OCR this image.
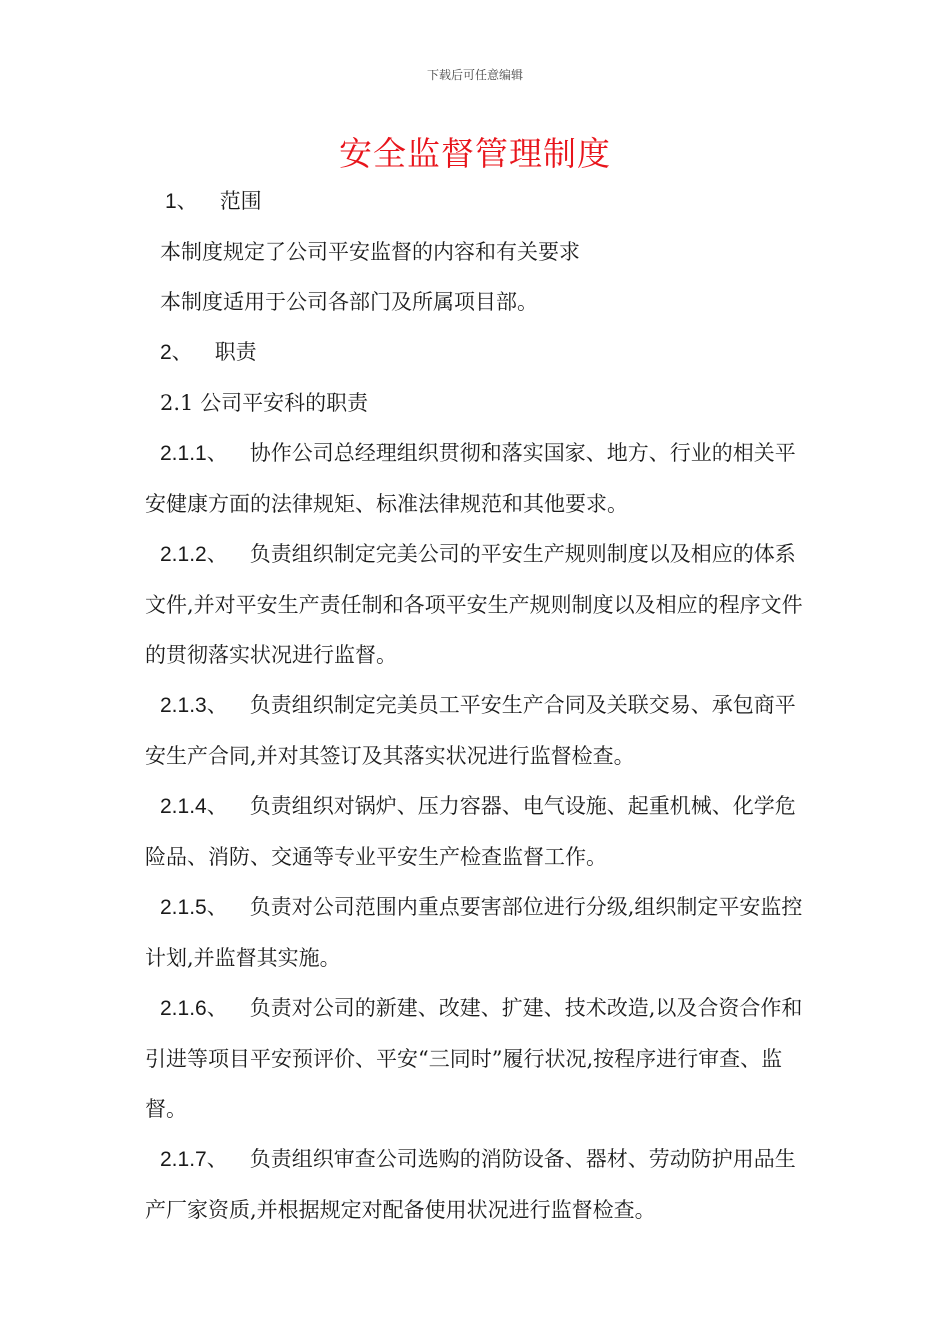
下载后可任意编辑
安全监督管理制度

1、 范围

本制度规定了公司平安监督的内容和有关要求

本制度适用于公司各部门及所属项目部。

2、 职责

2.1 公司平安科的职责

2.1.1、 协作公司总经理组织贯彻和落实国家、地方、行业的相关平安健康方面的法律规矩、标准法律规范和其他要求。

2.1.2、 负责组织制定完美公司的平安生产规则制度以及相应的体系文件,并对平安生产责任制和各项平安生产规则制度以及相应的程序文件的贯彻落实状况进行监督。

2.1.3、 负责组织制定完美员工平安生产合同及关联交易、承包商平安生产合同,并对其签订及其落实状况进行监督检查。

2.1.4、 负责组织对锅炉、压力容器、电气设施、起重机械、化学危险品、消防、交通等专业平安生产检查监督工作。

2.1.5、 负责对公司范围内重点要害部位进行分级,组织制定平安监控计划,并监督其实施。

2.1.6、 负责对公司的新建、改建、扩建、技术改造,以及合资合作和引进等项目平安预评价、平安“三同时”履行状况,按程序进行审查、监督。

2.1.7、 负责组织审查公司选购的消防设备、器材、劳动防护用品生产厂家资质,并根据规定对配备使用状况进行监督检查。
